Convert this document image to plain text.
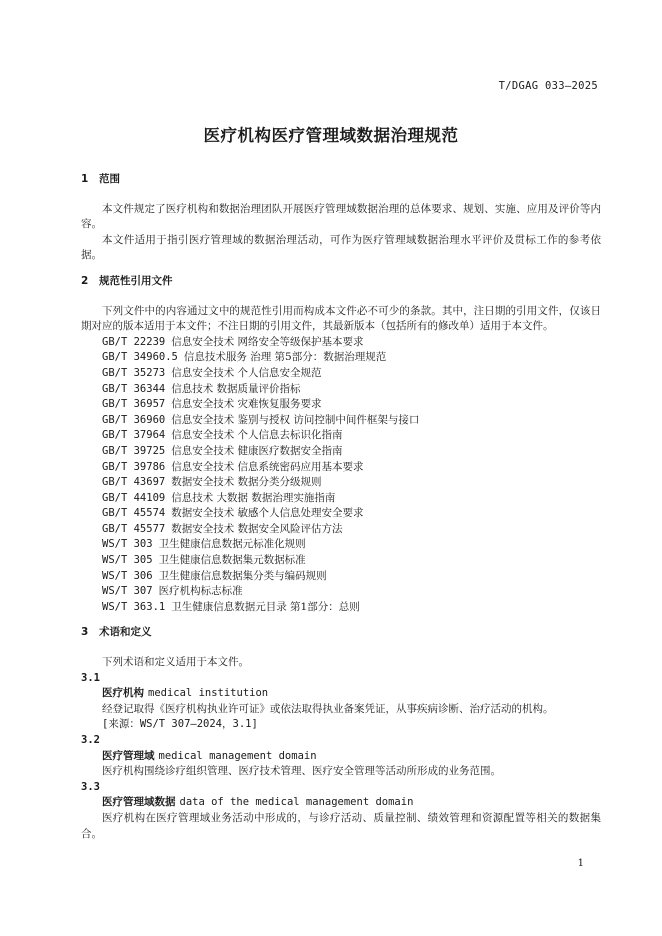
T/DGAG 033—2025
医疗机构医疗管理域数据治理规范

1 范围

本文件规定了医疗机构和数据治理团队开展医疗管理域数据治理的总体要求、规划、实施、应用及评价等内容。

本文件适用于指引医疗管理域的数据治理活动，可作为医疗管理域数据治理水平评价及贯标工作的参考依据。

2 规范性引用文件

下列文件中的内容通过文中的规范性引用而构成本文件必不可少的条款。其中，注日期的引用文件，仅该日期对应的版本适用于本文件；不注日期的引用文件，其最新版本（包括所有的修改单）适用于本文件。

GB/T 22239 信息安全技术 网络安全等级保护基本要求
GB/T 34960.5 信息技术服务 治理 第5部分：数据治理规范
GB/T 35273 信息安全技术 个人信息安全规范
GB/T 36344 信息技术 数据质量评价指标
GB/T 36957 信息安全技术 灾难恢复服务要求
GB/T 36960 信息安全技术 鉴别与授权 访问控制中间件框架与接口
GB/T 37964 信息安全技术 个人信息去标识化指南
GB/T 39725 信息安全技术 健康医疗数据安全指南
GB/T 39786 信息安全技术 信息系统密码应用基本要求
GB/T 43697 数据安全技术 数据分类分级规则
GB/T 44109 信息技术 大数据 数据治理实施指南
GB/T 45574 数据安全技术 敏感个人信息处理安全要求
GB/T 45577 数据安全技术 数据安全风险评估方法
WS/T 303 卫生健康信息数据元标准化规则
WS/T 305 卫生健康信息数据集元数据标准
WS/T 306 卫生健康信息数据集分类与编码规则
WS/T 307 医疗机构标志标准
WS/T 363.1 卫生健康信息数据元目录 第1部分：总则

3 术语和定义

下列术语和定义适用于本文件。

3.1

医疗机构 medical institution

经登记取得《医疗机构执业许可证》或依法取得执业备案凭证，从事疾病诊断、治疗活动的机构。

[来源：WS/T 307—2024，3.1]

3.2

医疗管理域 medical management domain

医疗机构围绕诊疗组织管理、医疗技术管理、医疗安全管理等活动所形成的业务范围。

3.3

医疗管理域数据 data of the medical management domain

医疗机构在医疗管理域业务活动中形成的，与诊疗活动、质量控制、绩效管理和资源配置等相关的数据集合。

1
